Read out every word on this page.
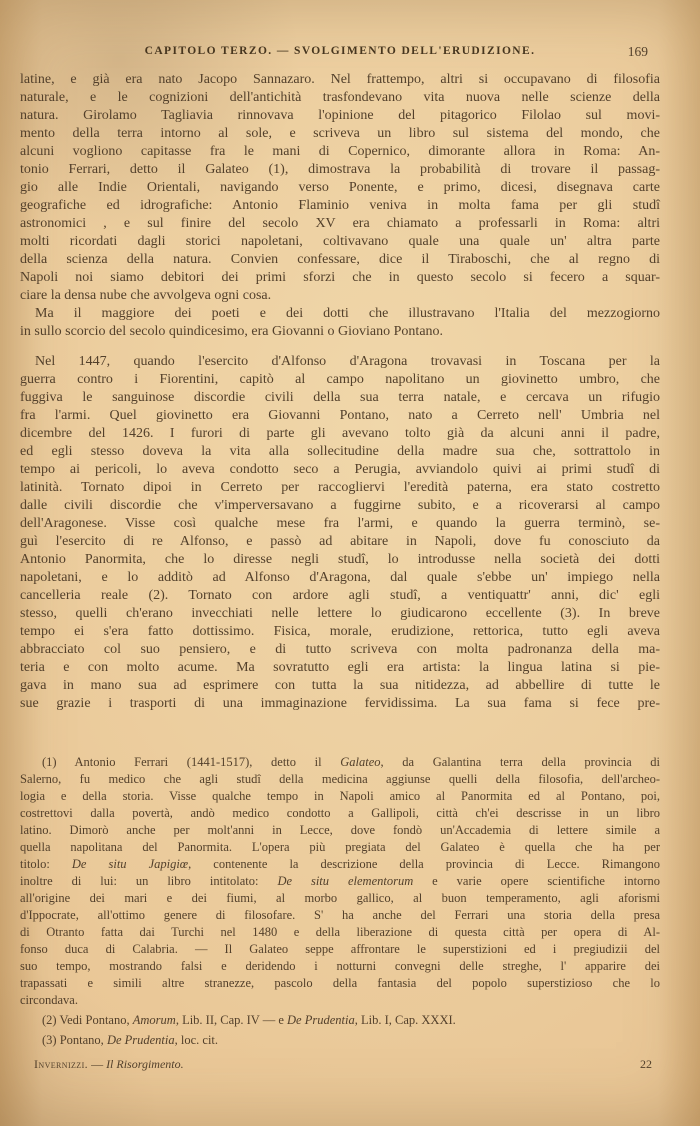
CAPITOLO TERZO. — SVOLGIMENTO DELL'ERUDIZIONE.	169
latine, e già era nato Jacopo Sannazaro. Nel frattempo, altri si occupavano di filosofia
naturale, e le cognizioni dell'antichità trasfondevano vita nuova nelle scienze della
natura. Girolamo Tagliavia rinnovava l'opinione del pitagorico Filolao sul movi-
mento della terra intorno al sole, e scriveva un libro sul sistema del mondo, che
alcuni vogliono capitasse fra le mani di Copernico, dimorante allora in Roma: An-
tonio Ferrari, detto il Galateo (1), dimostrava la probabilità di trovare il passag-
gio alle Indie Orientali, navigando verso Ponente, e primo, dicesi, disegnava carte
geografiche ed idrografiche: Antonio Flaminio veniva in molta fama per gli studî
astronomici , e sul finire del secolo XV era chiamato a professarli in Roma: altri
molti ricordati dagli storici napoletani, coltivavano quale una quale un' altra parte
della scienza della natura. Convien confessare, dice il Tiraboschi, che al regno di
Napoli noi siamo debitori dei primi sforzi che in questo secolo si fecero a squar-
ciare la densa nube che avvolgeva ogni cosa.
Ma il maggiore dei poeti e dei dotti che illustravano l'Italia del mezzogiorno
in sullo scorcio del secolo quindicesimo, era Giovanni o Gioviano Pontano.
Nel 1447, quando l'esercito d'Alfonso d'Aragona trovavasi in Toscana per la
guerra contro i Fiorentini, capitò al campo napolitano un giovinetto umbro, che
fuggiva le sanguinose discordie civili della sua terra natale, e cercava un rifugio
fra l'armi. Quel giovinetto era Giovanni Pontano, nato a Cerreto nell' Umbria nel
dicembre del 1426. I furori di parte gli avevano tolto già da alcuni anni il padre,
ed egli stesso doveva la vita alla sollecitudine della madre sua che, sottrattolo in
tempo ai pericoli, lo aveva condotto seco a Perugia, avviandolo quivi ai primi studî di
latinità. Tornato dipoi in Cerreto per raccogliervi l'eredità paterna, era stato costretto
dalle civili discordie che v'imperversavano a fuggirne subito, e a ricoverarsi al campo
dell'Aragonese. Visse così qualche mese fra l'armi, e quando la guerra terminò, se-
guì l'esercito di re Alfonso, e passò ad abitare in Napoli, dove fu conosciuto da
Antonio Panormita, che lo diresse negli studî, lo introdusse nella società dei dotti
napoletani, e lo additò ad Alfonso d'Aragona, dal quale s'ebbe un' impiego nella
cancelleria reale (2). Tornato con ardore agli studî, a ventiquattr' anni, dic' egli
stesso, quelli ch'erano invecchiati nelle lettere lo giudicarono eccellente (3). In breve
tempo ei s'era fatto dottissimo. Fisica, morale, erudizione, rettorica, tutto egli aveva
abbracciato col suo pensiero, e di tutto scriveva con molta padronanza della ma-
teria e con molto acume. Ma sovratutto egli era artista: la lingua latina si pie-
gava in mano sua ad esprimere con tutta la sua nitidezza, ad abbellire di tutte le
sue grazie i trasporti di una immaginazione fervidissima. La sua fama si fece pre-
(1) Antonio Ferrari (1441-1517), detto il Galateo, da Galantina terra della provincia di
Salerno, fu medico che agli studî della medicina aggiunse quelli della filosofia, dell'archeo-
logia e della storia. Visse qualche tempo in Napoli amico al Panormita ed al Pontano, poi,
costrettovi dalla povertà, andò medico condotto a Gallipoli, città ch'ei descrisse in un libro
latino. Dimorò anche per molt'anni in Lecce, dove fondò un'Accademia di lettere simile a
quella napolitana del Panormita. L'opera più pregiata del Galateo è quella che ha per
titolo: De situ Japigiœ, contenente la descrizione della provincia di Lecce. Rimangono
inoltre di lui: un libro intitolato: De situ elementorum e varie opere scientifiche intorno
all'origine dei mari e dei fiumi, al morbo gallico, al buon temperamento, agli aforismi
d'Ippocrate, all'ottimo genere di filosofare. S' ha anche del Ferrari una storia della presa
di Otranto fatta dai Turchi nel 1480 e della liberazione di questa città per opera di Al-
fonso duca di Calabria. — Il Galateo seppe affrontare le superstizioni ed i pregiudizii del
suo tempo, mostrando falsi e deridendo i notturni convegni delle streghe, l' apparire dei
trapassati e simili altre stranezze, pascolo della fantasia del popolo superstizioso che lo
circondava.
(2) Vedi Pontano, Amorum, Lib. II, Cap. IV — e De Prudentia, Lib. I, Cap. XXXI.
(3) Pontano, De Prudentia, loc. cit.
Invernizzi. — Il Risorgimento.	22
